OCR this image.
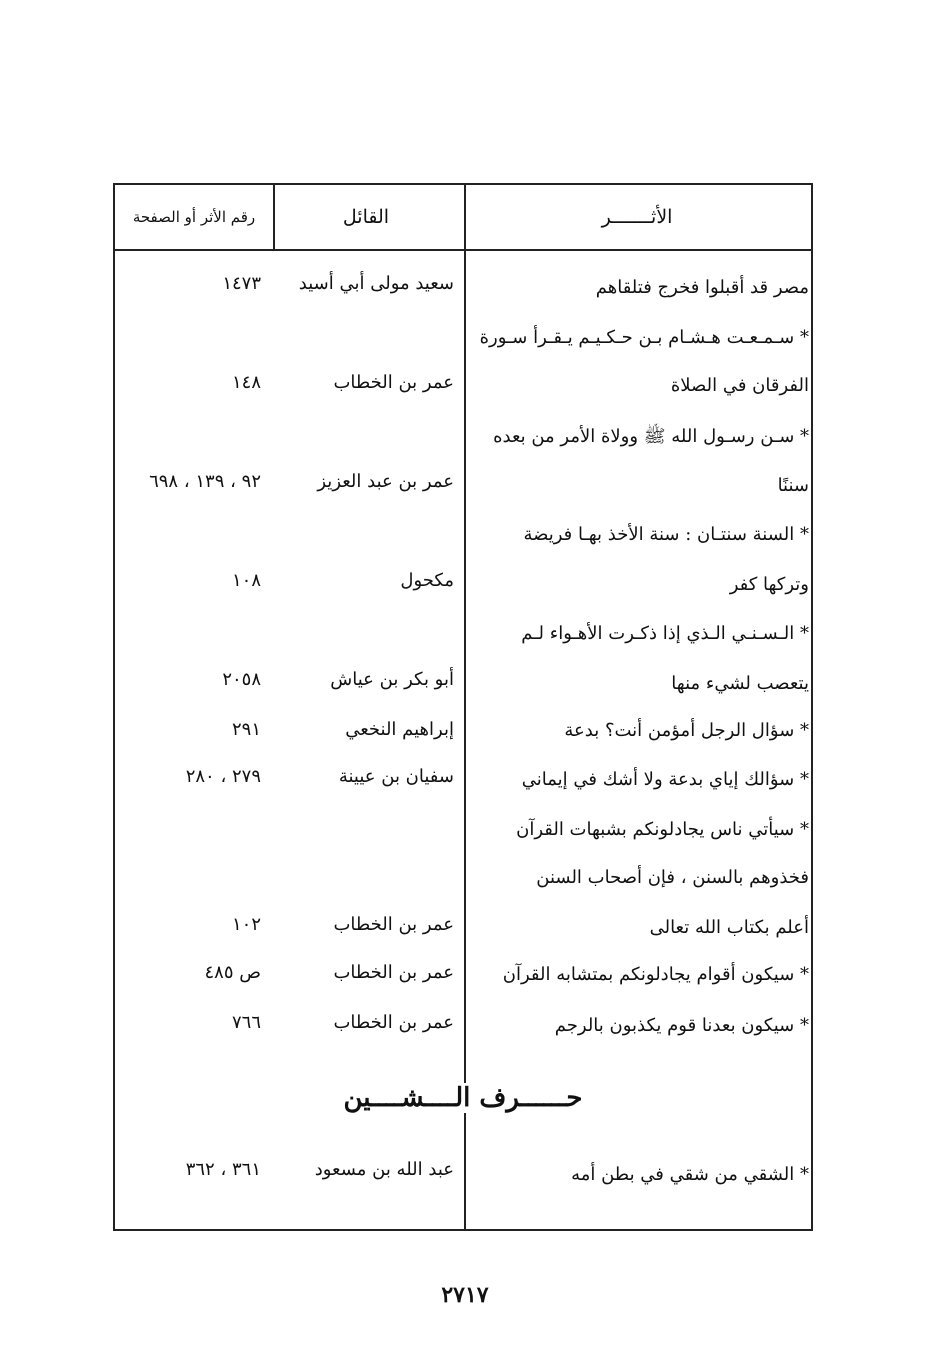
الأثـــــــر
القائل
رقم الأثر أو الصفحة
مصر قد أقبلوا فخرج فتلقاهم
سعيد مولى أبي أسيد
١٤٧٣
* سـمـعـت هـشـام بـن حـكـيـم يـقـرأ سـورة
الفرقان في الصلاة
عمر بن الخطاب
١٤٨
* سـن رسـول الله ﷺ وولاة الأمر من بعده
سننًا
عمر بن عبد العزيز
٩٢ ، ١٣٩ ، ٦٩٨
* السنة سنتـان : سنة الأخذ بهـا فريضة
وتركها كفر
مكحول
١٠٨
* الـسـنـي الـذي إذا ذكـرت الأهـواء لـم
يتعصب لشيء منها
أبو بكر بن عياش
٢٠٥٨
* سؤال الرجل أمؤمن أنت؟ بدعة
إبراهيم النخعي
٢٩١
* سؤالك إياي بدعة ولا أشك في إيماني
سفيان بن عيينة
٢٧٩ ، ٢٨٠
* سيأتي ناس يجادلونكم بشبهات القرآن
فخذوهم بالسنن ، فإن أصحاب السنن
أعلم بكتاب الله تعالى
عمر بن الخطاب
١٠٢
* سيكون أقوام يجادلونكم بمتشابه القرآن
عمر بن الخطاب
ص ٤٨٥
* سيكون بعدنا قوم يكذبون بالرجم
عمر بن الخطاب
٧٦٦
حــــــرف الــــشــــين
* الشقي من شقي في بطن أمه
عبد الله بن مسعود
٣٦١ ، ٣٦٢
٢٧١٧
